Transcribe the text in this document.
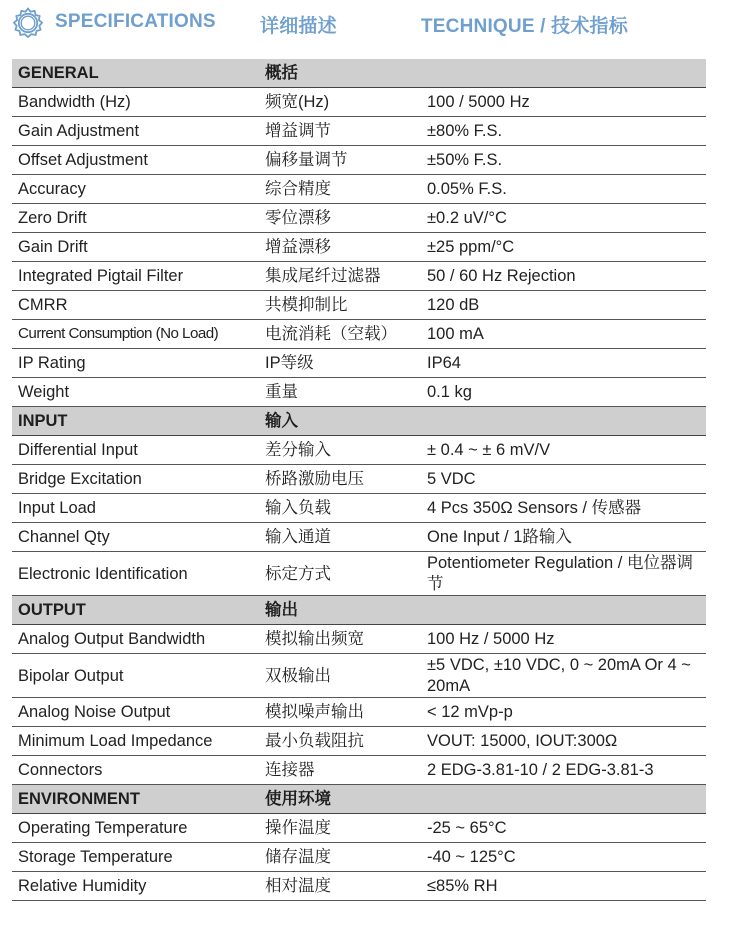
SPECIFICATIONS 详细描述	TECHNIQUE / 技术指标
GENERAL	概括	
Bandwidth (Hz)	频宽(Hz)	100 / 5000 Hz
Gain Adjustment	增益调节	±80% F.S.
Offset Adjustment	偏移量调节	±50% F.S.
Accuracy	综合精度	0.05% F.S.
Zero Drift	零位漂移	±0.2 uV/°C
Gain Drift	增益漂移	±25 ppm/°C
Integrated Pigtail Filter	集成尾纤过滤器	50 / 60 Hz Rejection
CMRR	共模抑制比	120 dB
Current Consumption (No Load)	电流消耗（空载）	100 mA
IP Rating	IP等级	IP64
Weight	重量	0.1 kg
INPUT	输入	
Differential Input	差分输入	± 0.4 ~ ± 6 mV/V
Bridge Excitation	桥路激励电压	5 VDC
Input Load	输入负载	4 Pcs 350Ω Sensors / 传感器
Channel Qty	输入通道	One Input / 1路输入
Electronic Identification	标定方式	Potentiometer Regulation / 电位器调节
OUTPUT	输出	
Analog Output Bandwidth	模拟输出频宽	100 Hz / 5000 Hz
Bipolar Output	双极输出	±5 VDC, ±10 VDC, 0 ~ 20mA Or 4 ~ 20mA
Analog Noise Output	模拟噪声输出	< 12 mVp-p
Minimum Load Impedance	最小负载阻抗	VOUT: 15000, IOUT:300Ω
Connectors	连接器	2 EDG-3.81-10 / 2 EDG-3.81-3
ENVIRONMENT	使用环境	
Operating Temperature	操作温度	-25 ~ 65°C
Storage Temperature	储存温度	-40 ~ 125°C
Relative Humidity	相对温度	≤85% RH
